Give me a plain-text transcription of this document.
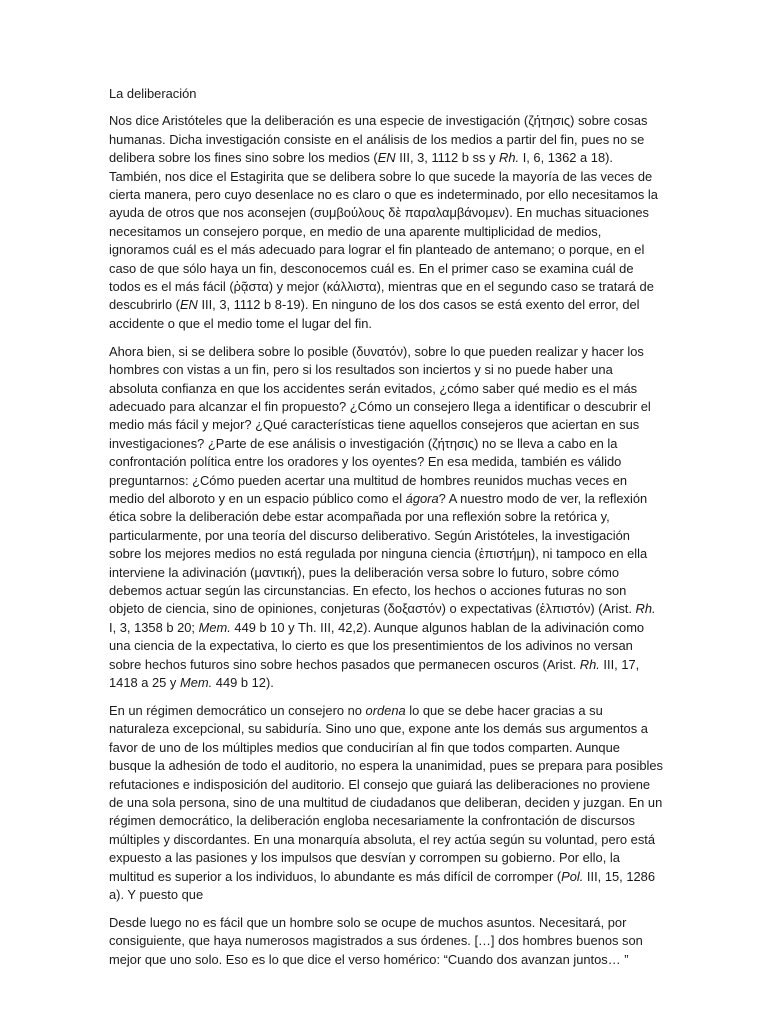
La deliberación

Nos dice Aristóteles que la deliberación es una especie de investigación (ζήτησις) sobre cosas humanas. Dicha investigación consiste en el análisis de los medios a partir del fin, pues no se delibera sobre los fines sino sobre los medios (EN III, 3, 1112 b ss y Rh. I, 6, 1362 a 18). También, nos dice el Estagirita que se delibera sobre lo que sucede la mayoría de las veces de cierta manera, pero cuyo desenlace no es claro o que es indeterminado, por ello necesitamos la ayuda de otros que nos aconsejen (συμβούλους δὲ παραλαμβάνομεν). En muchas situaciones necesitamos un consejero porque, en medio de una aparente multiplicidad de medios, ignoramos cuál es el más adecuado para lograr el fin planteado de antemano; o porque, en el caso de que sólo haya un fin, desconocemos cuál es. En el primer caso se examina cuál de todos es el más fácil (ῥᾷστα) y mejor (κάλλιστα), mientras que en el segundo caso se tratará de descubrirlo (EN III, 3, 1112 b 8-19). En ninguno de los dos casos se está exento del error, del accidente o que el medio tome el lugar del fin.

Ahora bien, si se delibera sobre lo posible (δυνατόν), sobre lo que pueden realizar y hacer los hombres con vistas a un fin, pero si los resultados son inciertos y si no puede haber una absoluta confianza en que los accidentes serán evitados, ¿cómo saber qué medio es el más adecuado para alcanzar el fin propuesto? ¿Cómo un consejero llega a identificar o descubrir el medio más fácil y mejor? ¿Qué características tiene aquellos consejeros que aciertan en sus investigaciones? ¿Parte de ese análisis o investigación (ζήτησις) no se lleva a cabo en la confrontación política entre los oradores y los oyentes? En esa medida, también es válido preguntarnos: ¿Cómo pueden acertar una multitud de hombres reunidos muchas veces en medio del alboroto y en un espacio público como el ágora? A nuestro modo de ver, la reflexión ética sobre la deliberación debe estar acompañada por una reflexión sobre la retórica y, particularmente, por una teoría del discurso deliberativo. Según Aristóteles, la investigación sobre los mejores medios no está regulada por ninguna ciencia (ἐπιστήμη), ni tampoco en ella interviene la adivinación (μαντική), pues la deliberación versa sobre lo futuro, sobre cómo debemos actuar según las circunstancias. En efecto, los hechos o acciones futuras no son objeto de ciencia, sino de opiniones, conjeturas (δοξαστόν) o expectativas (ἐλπιστόν) (Arist. Rh. I, 3, 1358 b 20; Mem. 449 b 10 y Th. III, 42,2). Aunque algunos hablan de la adivinación como una ciencia de la expectativa, lo cierto es que los presentimientos de los adivinos no versan sobre hechos futuros sino sobre hechos pasados que permanecen oscuros (Arist. Rh. III, 17, 1418 a 25 y Mem. 449 b 12).

En un régimen democrático un consejero no ordena lo que se debe hacer gracias a su naturaleza excepcional, su sabiduría. Sino uno que, expone ante los demás sus argumentos a favor de uno de los múltiples medios que conducirían al fin que todos comparten. Aunque busque la adhesión de todo el auditorio, no espera la unanimidad, pues se prepara para posibles refutaciones e indisposición del auditorio. El consejo que guiará las deliberaciones no proviene de una sola persona, sino de una multitud de ciudadanos que deliberan, deciden y juzgan. En un régimen democrático, la deliberación engloba necesariamente la confrontación de discursos múltiples y discordantes. En una monarquía absoluta, el rey actúa según su voluntad, pero está expuesto a las pasiones y los impulsos que desvían y corrompen su gobierno. Por ello, la multitud es superior a los individuos, lo abundante es más difícil de corromper (Pol. III, 15, 1286 a). Y puesto que

Desde luego no es fácil que un hombre solo se ocupe de muchos asuntos. Necesitará, por consiguiente, que haya numerosos magistrados a sus órdenes. […] dos hombres buenos son mejor que uno solo. Eso es lo que dice el verso homérico: “Cuando dos avanzan juntos… ”
